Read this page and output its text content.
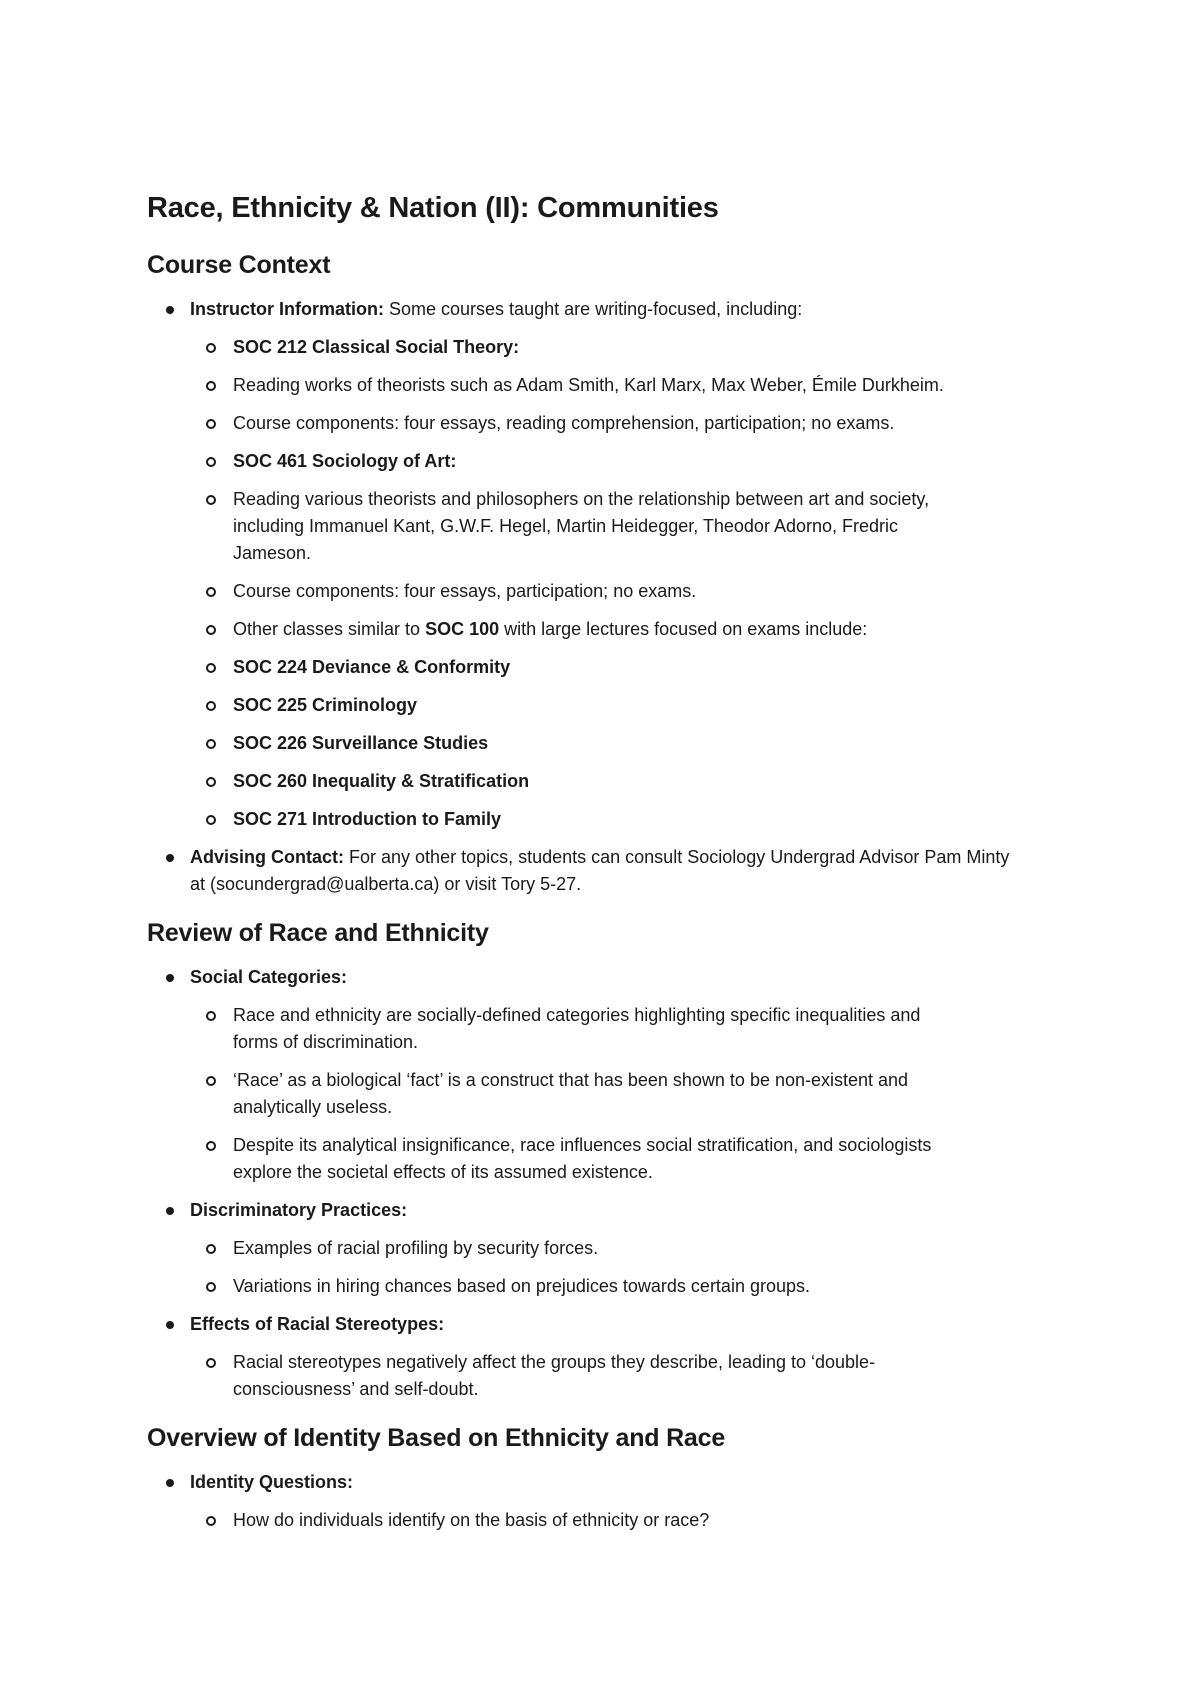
Race, Ethnicity & Nation (II): Communities
Course Context
Instructor Information: Some courses taught are writing-focused, including:
SOC 212 Classical Social Theory:
Reading works of theorists such as Adam Smith, Karl Marx, Max Weber, Émile Durkheim.
Course components: four essays, reading comprehension, participation; no exams.
SOC 461 Sociology of Art:
Reading various theorists and philosophers on the relationship between art and society, including Immanuel Kant, G.W.F. Hegel, Martin Heidegger, Theodor Adorno, Fredric Jameson.
Course components: four essays, participation; no exams.
Other classes similar to SOC 100 with large lectures focused on exams include:
SOC 224 Deviance & Conformity
SOC 225 Criminology
SOC 226 Surveillance Studies
SOC 260 Inequality & Stratification
SOC 271 Introduction to Family
Advising Contact: For any other topics, students can consult Sociology Undergrad Advisor Pam Minty at (socundergrad@ualberta.ca) or visit Tory 5-27.
Review of Race and Ethnicity
Social Categories:
Race and ethnicity are socially-defined categories highlighting specific inequalities and forms of discrimination.
‘Race’ as a biological ‘fact’ is a construct that has been shown to be non-existent and analytically useless.
Despite its analytical insignificance, race influences social stratification, and sociologists explore the societal effects of its assumed existence.
Discriminatory Practices:
Examples of racial profiling by security forces.
Variations in hiring chances based on prejudices towards certain groups.
Effects of Racial Stereotypes:
Racial stereotypes negatively affect the groups they describe, leading to ‘double-consciousness’ and self-doubt.
Overview of Identity Based on Ethnicity and Race
Identity Questions:
How do individuals identify on the basis of ethnicity or race?
